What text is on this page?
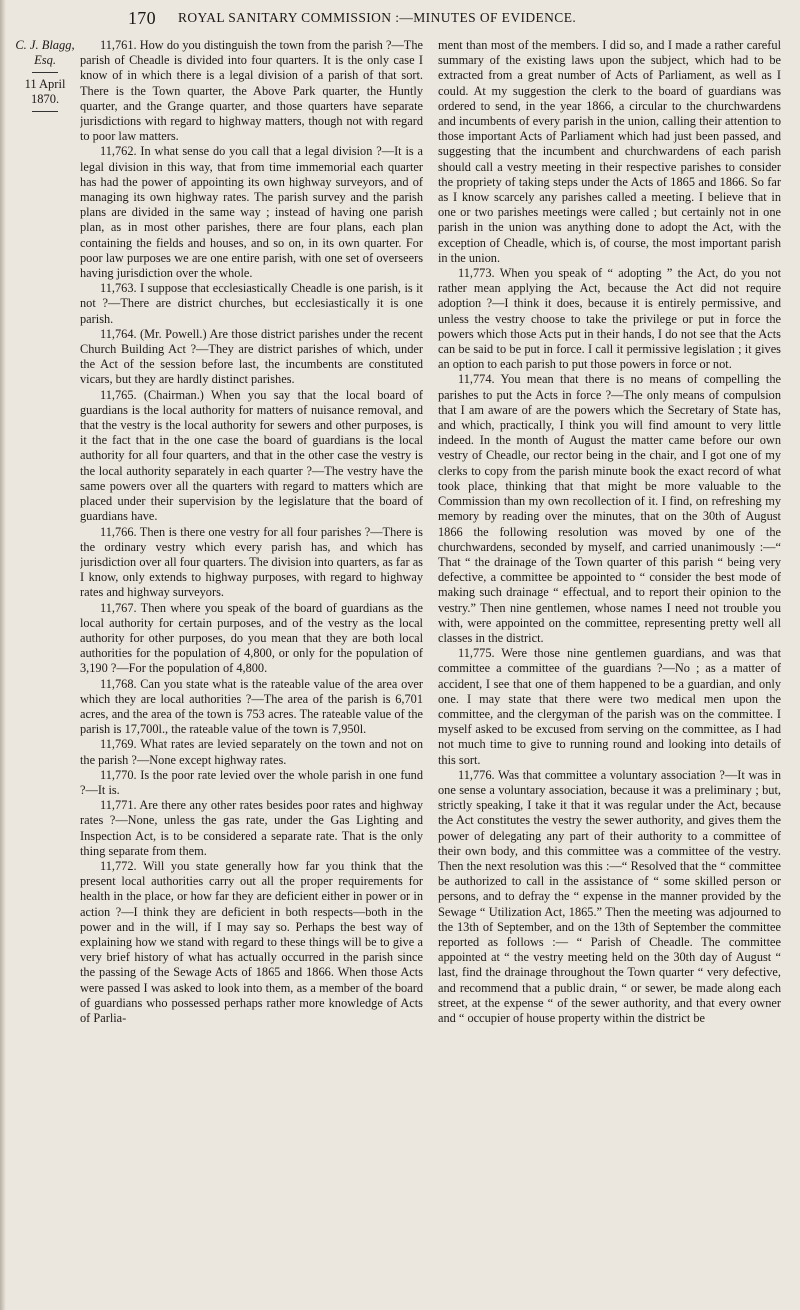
170 ROYAL SANITARY COMMISSION :—MINUTES OF EVIDENCE.
C. J. Blagg,
Esq.
11 April 1870.

11,761. How do you distinguish the town from the parish ?—The parish of Cheadle is divided into four quarters. It is the only case I know of in which there is a legal division of a parish of that sort. There is the Town quarter, the Above Park quarter, the Huntly quarter, and the Grange quarter, and those quarters have separate jurisdictions with regard to highway matters, though not with regard to poor law matters.

11,762. In what sense do you call that a legal division ?—It is a legal division in this way, that from time immemorial each quarter has had the power of appointing its own highway surveyors, and of managing its own highway rates. The parish survey and the parish plans are divided in the same way ; instead of having one parish plan, as in most other parishes, there are four plans, each plan containing the fields and houses, and so on, in its own quarter. For poor law purposes we are one entire parish, with one set of overseers having jurisdiction over the whole.

11,763. I suppose that ecclesiastically Cheadle is one parish, is it not ?—There are district churches, but ecclesiastically it is one parish.

11,764. (Mr. Powell.) Are those district parishes under the recent Church Building Act ?—They are district parishes of which, under the Act of the session before last, the incumbents are constituted vicars, but they are hardly distinct parishes.

11,765. (Chairman.) When you say that the local board of guardians is the local authority for matters of nuisance removal, and that the vestry is the local authority for sewers and other purposes, is it the fact that in the one case the board of guardians is the local authority for all four quarters, and that in the other case the vestry is the local authority separately in each quarter ?—The vestry have the same powers over all the quarters with regard to matters which are placed under their supervision by the legislature that the board of guardians have.

11,766. Then is there one vestry for all four parishes ?—There is the ordinary vestry which every parish has, and which has jurisdiction over all four quarters. The division into quarters, as far as I know, only extends to highway purposes, with regard to highway rates and highway surveyors.

11,767. Then where you speak of the board of guardians as the local authority for certain purposes, and of the vestry as the local authority for other purposes, do you mean that they are both local authorities for the population of 4,800, or only for the population of 3,190 ?—For the population of 4,800.

11,768. Can you state what is the rateable value of the area over which they are local authorities ?—The area of the parish is 6,701 acres, and the area of the town is 753 acres. The rateable value of the parish is 17,700l., the rateable value of the town is 7,950l.

11,769. What rates are levied separately on the town and not on the parish ?—None except highway rates.

11,770. Is the poor rate levied over the whole parish in one fund ?—It is.

11,771. Are there any other rates besides poor rates and highway rates ?—None, unless the gas rate, under the Gas Lighting and Inspection Act, is to be considered a separate rate. That is the only thing separate from them.

11,772. Will you state generally how far you think that the present local authorities carry out all the proper requirements for health in the place, or how far they are deficient either in power or in action ?—I think they are deficient in both respects—both in the power and in the will, if I may say so. Perhaps the best way of explaining how we stand with regard to these things will be to give a very brief history of what has actually occurred in the parish since the passing of the Sewage Acts of 1865 and 1866. When those Acts were passed I was asked to look into them, as a member of the board of guardians who possessed perhaps rather more knowledge of Acts of Parlia-

ment than most of the members. I did so, and I made a rather careful summary of the existing laws upon the subject, which had to be extracted from a great number of Acts of Parliament, as well as I could. At my suggestion the clerk to the board of guardians was ordered to send, in the year 1866, a circular to the churchwardens and incumbents of every parish in the union, calling their attention to those important Acts of Parliament which had just been passed, and suggesting that the incumbent and churchwardens of each parish should call a vestry meeting in their respective parishes to consider the propriety of taking steps under the Acts of 1865 and 1866. So far as I know scarcely any parishes called a meeting. I believe that in one or two parishes meetings were called ; but certainly not in one parish in the union was anything done to adopt the Act, with the exception of Cheadle, which is, of course, the most important parish in the union.

11,773. When you speak of “ adopting ” the Act, do you not rather mean applying the Act, because the Act did not require adoption ?—I think it does, because it is entirely permissive, and unless the vestry choose to take the privilege or put in force the powers which those Acts put in their hands, I do not see that the Acts can be said to be put in force. I call it permissive legislation ; it gives an option to each parish to put those powers in force or not.

11,774. You mean that there is no means of compelling the parishes to put the Acts in force ?—The only means of compulsion that I am aware of are the powers which the Secretary of State has, and which, practically, I think you will find amount to very little indeed. In the month of August the matter came before our own vestry of Cheadle, our rector being in the chair, and I got one of my clerks to copy from the parish minute book the exact record of what took place, thinking that that might be more valuable to the Commission than my own recollection of it. I find, on refreshing my memory by reading over the minutes, that on the 30th of August 1866 the following resolution was moved by one of the churchwardens, seconded by myself, and carried unanimously :—“ That “ the drainage of the Town quarter of this parish “ being very defective, a committee be appointed to “ consider the best mode of making such drainage “ effectual, and to report their opinion to the vestry.” Then nine gentlemen, whose names I need not trouble you with, were appointed on the committee, representing pretty well all classes in the district.

11,775. Were those nine gentlemen guardians, and was that committee a committee of the guardians ?—No ; as a matter of accident, I see that one of them happened to be a guardian, and only one. I may state that there were two medical men upon the committee, and the clergyman of the parish was on the committee. I myself asked to be excused from serving on the committee, as I had not much time to give to running round and looking into details of this sort.

11,776. Was that committee a voluntary association ?—It was in one sense a voluntary association, because it was a preliminary ; but, strictly speaking, I take it that it was regular under the Act, because the Act constitutes the vestry the sewer authority, and gives them the power of delegating any part of their authority to a committee of their own body, and this committee was a committee of the vestry. Then the next resolution was this :—“ Resolved that the “ committee be authorized to call in the assistance of “ some skilled person or persons, and to defray the “ expense in the manner provided by the Sewage “ Utilization Act, 1865.” Then the meeting was adjourned to the 13th of September, and on the 13th of September the committee reported as follows :— “ Parish of Cheadle. The committee appointed at “ the vestry meeting held on the 30th day of August “ last, find the drainage throughout the Town quarter “ very defective, and recommend that a public drain, “ or sewer, be made along each street, at the expense “ of the sewer authority, and that every owner and “ occupier of house property within the district be
